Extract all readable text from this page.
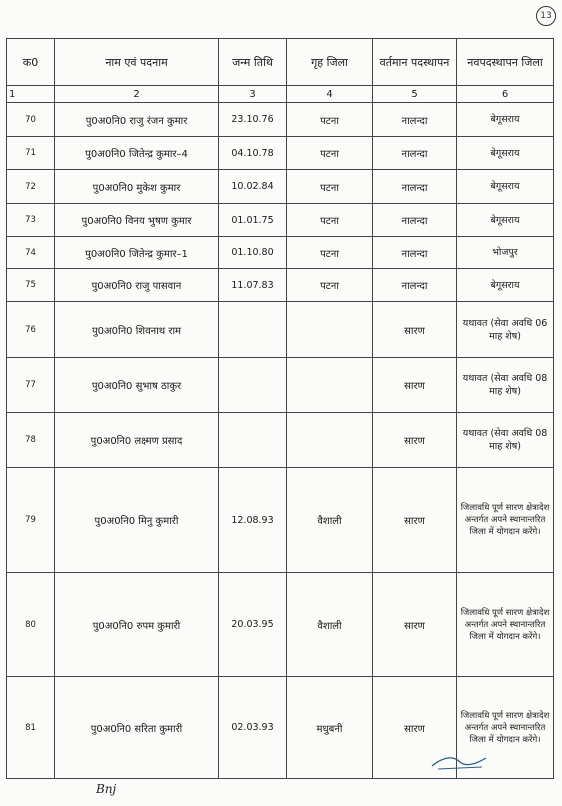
13
क0	नाम एवं पदनाम	जन्म तिथि	गृह जिला	वर्तमान पदस्थापन	नवपदस्थापन जिला
1	2	3	4	5	6
70	पु0अ0नि0 राजु रंजन कुमार	23.10.76	पटना	नालन्दा	बेगूसराय
71	पु0अ0नि0 जितेन्द्र कुमार–4	04.10.78	पटना	नालन्दा	बेगूसराय
72	पु0अ0नि0 मुकेश कुमार	10.02.84	पटना	नालन्दा	बेगूसराय
73	पु0अ0नि0 विनय भुषण कुमार	01.01.75	पटना	नालन्दा	बेगूसराय
74	पु0अ0नि0 जितेन्द्र कुमार–1	01.10.80	पटना	नालन्दा	भोजपुर
75	पु0अ0नि0 राजु पासवान	11.07.83	पटना	नालन्दा	बेगूसराय
76	पु0अ0नि0 शिवनाथ राम			सारण	यथावत (सेवा अवधि 06 माह शेष)
77	पु0अ0नि0 सुभाष ठाकुर			सारण	यथावत (सेवा अवधि 08 माह शेष)
78	पु0अ0नि0 लक्ष्मण प्रसाद			सारण	यथावत (सेवा अवधि 08 माह शेष)
79	पु0अ0नि0 मिनु कुमारी	12.08.93	वैशाली	सारण	जिलावधि पूर्ण सारण क्षेत्रादेश अन्तर्गत अपने स्थानान्तरित जिला में योगदान करेंगे।
80	पु0अ0नि0 रुपम कुमारी	20.03.95	वैशाली	सारण	जिलावधि पूर्ण सारण क्षेत्रादेश अन्तर्गत अपने स्थानान्तरित जिला में योगदान करेंगे।
81	पु0अ0नि0 सरिता कुमारी	02.03.93	मधुबनी	सारण	जिलावधि पूर्ण सारण क्षेत्रादेश अन्तर्गत अपने स्थानान्तरित जिला में योगदान करेंगे।
Bnj
